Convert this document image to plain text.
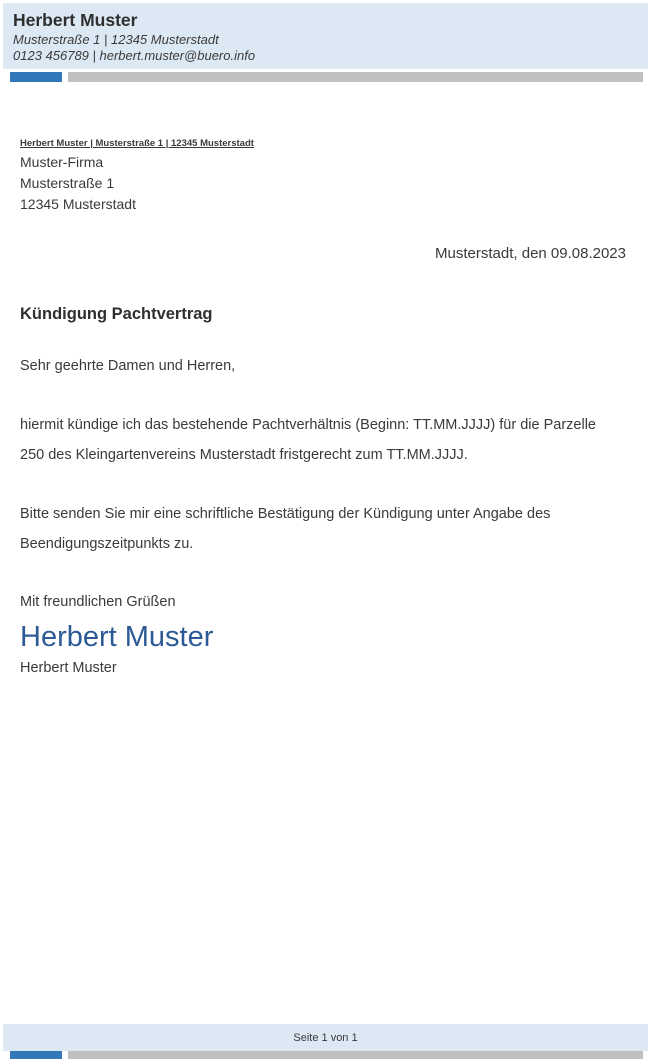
Herbert Muster
Musterstraße 1 | 12345 Musterstadt
0123 456789 | herbert.muster@buero.info
Herbert Muster | Musterstraße 1 | 12345 Musterstadt
Muster-Firma
Musterstraße 1
12345 Musterstadt
Musterstadt, den 09.08.2023
Kündigung Pachtvertrag
Sehr geehrte Damen und Herren,
hiermit kündige ich das bestehende Pachtverhältnis (Beginn: TT.MM.JJJJ) für die Parzelle 250 des Kleingartenvereins Musterstadt fristgerecht zum TT.MM.JJJJ.
Bitte senden Sie mir eine schriftliche Bestätigung der Kündigung unter Angabe des Beendigungszeitpunkts zu.
Mit freundlichen Grüßen
Herbert Muster
Herbert Muster
Seite 1 von 1
